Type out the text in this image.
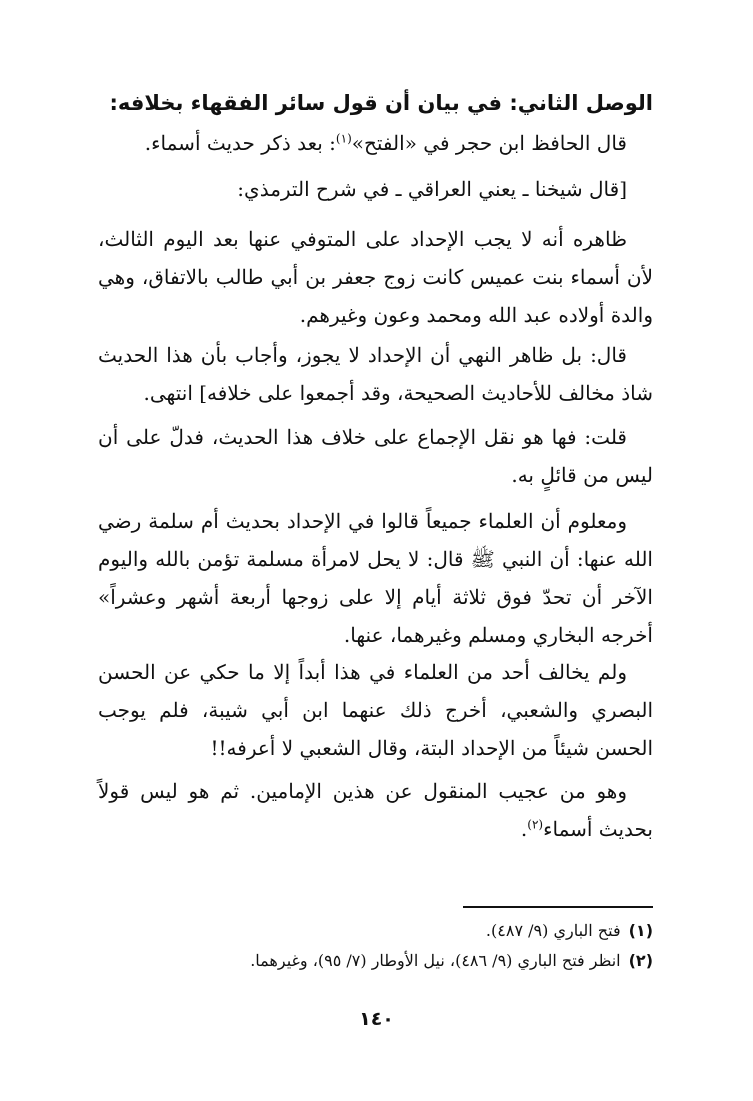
الوصل الثاني: في بيان أن قول سائر الفقهاء بخلافه:
قال الحافظ ابن حجر في «الفتح»$^{(١)}$: بعد ذكر حديث أسماء.
[قال شيخنا ـ يعني العراقي ـ في شرح الترمذي:
ظاهره أنه لا يجب الإحداد على المتوفي عنها بعد اليوم الثالث، لأن أسماء بنت عميس كانت زوج جعفر بن أبي طالب بالاتفاق، وهي والدة أولاده عبد الله ومحمد وعون وغيرهم.
قال: بل ظاهر النهي أن الإحداد لا يجوز، وأجاب بأن هذا الحديث شاذ مخالف للأحاديث الصحيحة، وقد أجمعوا على خلافه] انتهى.
قلت: فها هو نقل الإجماع على خلاف هذا الحديث، فدلّ على أن ليس من قائلٍ به.
ومعلوم أن العلماء جميعاً قالوا في الإحداد بحديث أم سلمة رضي الله عنها: أن النبي ﷺ قال: لا يحل لامرأة مسلمة تؤمن بالله واليوم الآخر أن تحدّ فوق ثلاثة أيام إلا على زوجها أربعة أشهر وعشراً» أخرجه البخاري ومسلم وغيرهما، عنها.
ولم يخالف أحد من العلماء في هذا أبداً إلا ما حكي عن الحسن البصري والشعبي، أخرج ذلك عنهما ابن أبي شيبة، فلم يوجب الحسن شيئاً من الإحداد البتة، وقال الشعبي لا أعرفه!!
وهو من عجيب المنقول عن هذين الإمامين. ثم هو ليس قولاً بحديث أسماء$^{(٢)}$.
(١)فتح الباري (٩/ ٤٨٧).
(٢)انظر فتح الباري (٩/ ٤٨٦)، نيل الأوطار (٧/ ٩٥)، وغيرهما.
١٤٠
